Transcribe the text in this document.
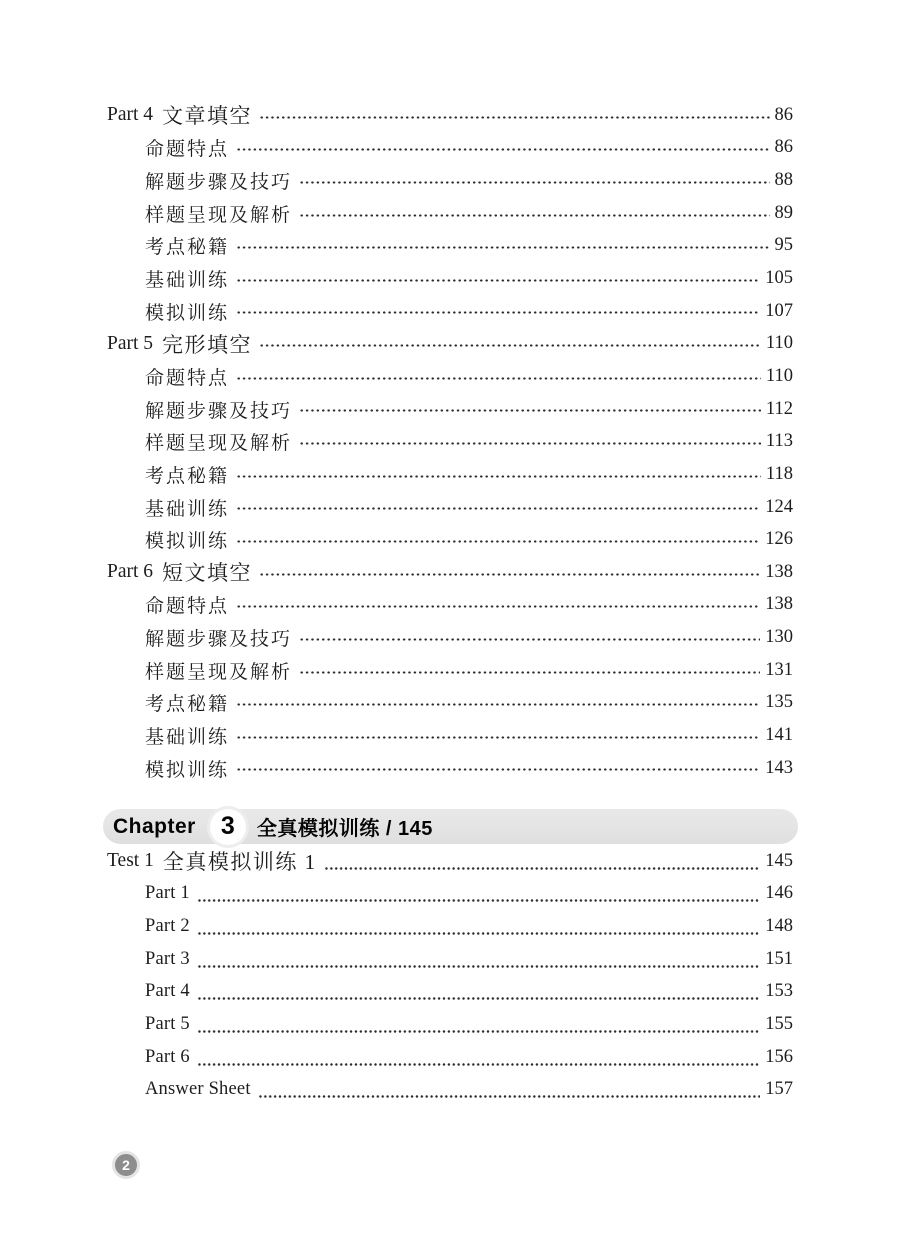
Part 4 文章填空	86
命题特点	86
解题步骤及技巧	88
样题呈现及解析	89
考点秘籍	95
基础训练	105
模拟训练	107
Part 5 完形填空	110
命题特点	110
解题步骤及技巧	112
样题呈现及解析	113
考点秘籍	118
基础训练	124
模拟训练	126
Part 6 短文填空	138
命题特点	138
解题步骤及技巧	130
样题呈现及解析	131
考点秘籍	135
基础训练	141
模拟训练	143
Chapter	3	全真模拟训练 / 145
Test 1 全真模拟训练 1	145
Part 1	146
Part 2	148
Part 3	151
Part 4	153
Part 5	155
Part 6	156
Answer Sheet	157
2
